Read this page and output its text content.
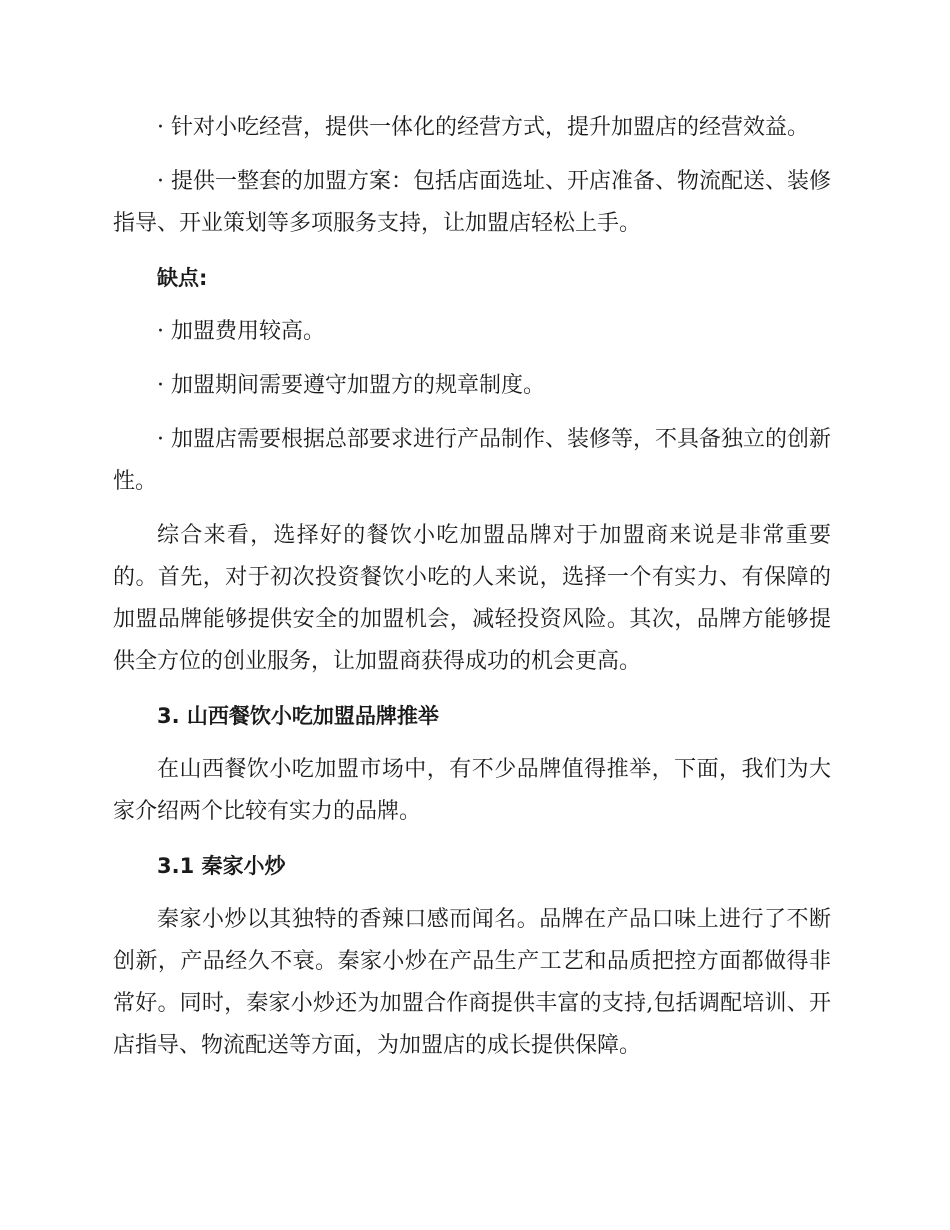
· 针对小吃经营，提供一体化的经营方式，提升加盟店的经营效益。

· 提供一整套的加盟方案：包括店面选址、开店准备、物流配送、装修指导、开业策划等多项服务支持，让加盟店轻松上手。

缺点:

· 加盟费用较高。

· 加盟期间需要遵守加盟方的规章制度。

· 加盟店需要根据总部要求进行产品制作、装修等，不具备独立的创新性。

综合来看，选择好的餐饮小吃加盟品牌对于加盟商来说是非常重要的。首先，对于初次投资餐饮小吃的人来说，选择一个有实力、有保障的加盟品牌能够提供安全的加盟机会，减轻投资风险。其次，品牌方能够提供全方位的创业服务，让加盟商获得成功的机会更高。

3. 山西餐饮小吃加盟品牌推举

在山西餐饮小吃加盟市场中，有不少品牌值得推举，下面，我们为大家介绍两个比较有实力的品牌。

3.1 秦家小炒

秦家小炒以其独特的香辣口感而闻名。品牌在产品口味上进行了不断创新，产品经久不衰。秦家小炒在产品生产工艺和品质把控方面都做得非常好。同时，秦家小炒还为加盟合作商提供丰富的支持,包括调配培训、开店指导、物流配送等方面，为加盟店的成长提供保障。
